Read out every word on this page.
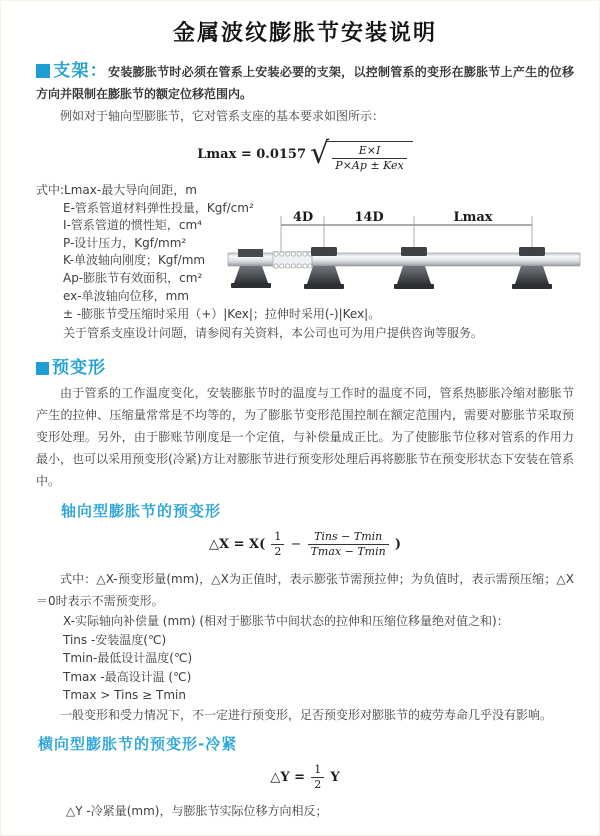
金属波纹膨胀节安装说明

支架：安装膨胀节时必须在管系上安装必要的支架，以控制管系的变形在膨胀节上产生的位移方向并限制在膨胀节的额定位移范围内。

例如对于轴向型膨胀节，它对管系支座的基本要求如图所示：

Lmax = 0.0157 √ $\frac{E\times I}{\text{P×Ap ± Kex}}$
式中:Lmax-最大导向间距，m
E-管系管道材料弹性投量，Kgf/cm²
I-管系管道的惯性矩，cm⁴
P-设计压力，Kgf/mm²
K-单波轴向刚度；Kgf/mm
Ap-膨胀节有效面积，cm²
ex-单波轴向位移，mm
4D	14D	Lmax

± -膨胀节受压缩时采用（+）|Kex|；拉伸时采用(-)|Kex|。

关于管系支座设计问题，请参阅有关资料，本公司也可为用户提供咨询等服务。

预变形

由于管系的工作温度变化，安装膨胀节时的温度与工作时的温度不同，管系热膨胀冷缩对膨胀节产生的拉伸、压缩量常常是不均等的，为了膨胀节变形范围控制在额定范围内，需要对膨胀节采取预变形处理。另外，由于膨账节刚度是一个定值，与补偿量成正比。为了使膨胀节位移对管系的作用力最小，也可以采用预变形(冷紧)方让对膨胀节进行预变形处理后再将膨胀节在预变形状态下安装在管系中。

轴向型膨胀节的预变形
△X = $X( \frac{1}{2} - \frac{\text{Tins − Tmin}}{Tmax - Tmin}$ )

式中：△X-预变形量(mm)，△X为正值时，表示膨张节需预拉伸；为负值时，表示需预压缩；△X＝0时表示不需预变形。

X-实际轴向补偿量 (mm) (相对于膨胀节中间状态的拉伸和压缩位移量绝对值之和)：
Tins -安装温度(℃)
Tmin-最低设计温度(℃)
Tmax -最高设计温 (℃)
Tmax > Tins ≥ Tmin

一般变形和受力情况下，不一定进行预变形，足否预变形对膨胀节的疲劳寿命几乎没有影响。

横向型膨胀节的预变形-冷紧
△Y = $\frac{1}{2}$ Y

△Y -冷紧量(mm)，与膨胀节实际位移方向相反；
